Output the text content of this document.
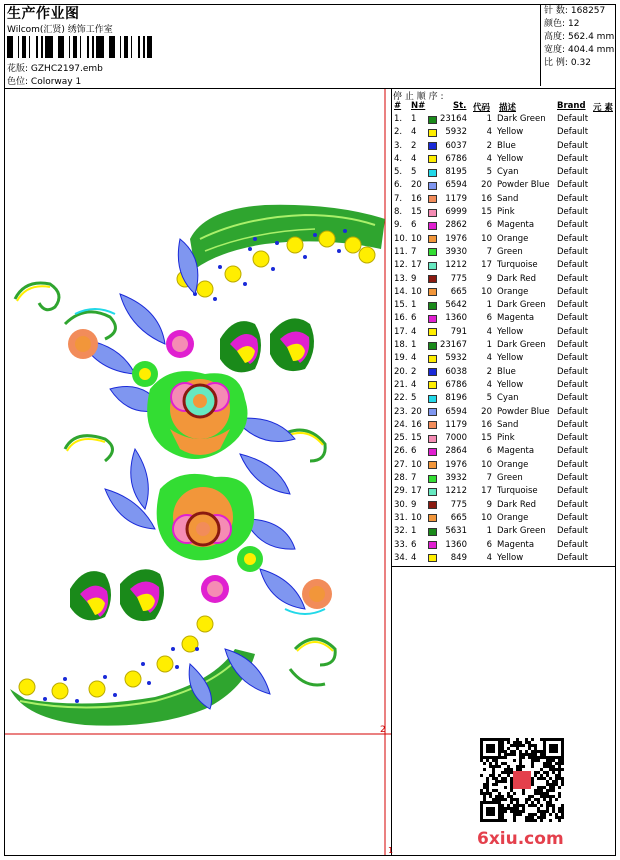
生产作业图
Wilcom(汇贤) 绣饰工作室
花版: GZHC2197.emb
色位: Colorway 1
针 数: 168257
颜色: 12
高度: 562.4 mm
宽度: 404.4 mm
比 例: 0.32
2
1
停 止 顺 序 :
# N#	St. 代码 描述	Brand 元 素
1. 1	23164	1 Dark Green Default
2. 4	5932	4 Yellow	Default
3. 2	6037	2 Blue	Default
4. 4	6786	4 Yellow	Default
5. 5	8195	5 Cyan	Default
6. 20	6594	20 Powder Blue Default
7. 16	1179	16 Sand	Default
8. 15	6999	15 Pink	Default
9. 6	2862	6 Magenta	Default
10. 10	1976	10 Orange	Default
11. 7	3930	7 Green	Default
12. 17	1212	17 Turquoise Default
13. 9	775	9 Dark Red Default
14. 10	665	10 Orange	Default
15. 1	5642	1 Dark Green Default
16. 6	1360	6 Magenta	Default
17. 4	791	4 Yellow	Default
18. 1	23167	1 Dark Green Default
19. 4	5932	4 Yellow	Default
20. 2	6038	2 Blue	Default
21. 4	6786	4 Yellow	Default
22. 5	8196	5 Cyan	Default
23. 20	6594	20 Powder Blue Default
24. 16	1179	16 Sand	Default
25. 15	7000	15 Pink	Default
26. 6	2864	6 Magenta	Default
27. 10	1976	10 Orange	Default
28. 7	3932	7 Green	Default
29. 17	1212	17 Turquoise Default
30. 9	775	9 Dark Red Default
31. 10	665	10 Orange	Default
32. 1	5631	1 Dark Green Default
33. 6	1360	6 Magenta	Default
34. 4	849	4 Yellow	Default
6xiu.com
